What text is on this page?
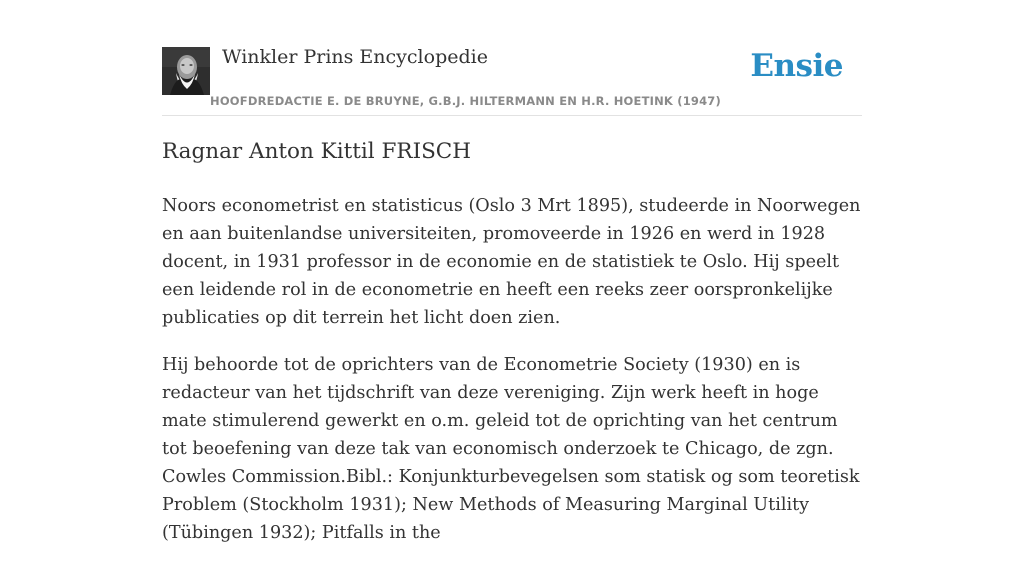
Winkler Prins Encyclopedie
HOOFDREDACTIE E. DE BRUYNE, G.B.J. HILTERMANN EN H.R. HOETINK (1947)
Ensie
Ragnar Anton Kittil FRISCH

Noors econometrist en statisticus (Oslo 3 Mrt 1895), studeerde in Noorwegen en aan buitenlandse universiteiten, promoveerde in 1926 en werd in 1928 docent, in 1931 professor in de economie en de statistiek te Oslo. Hij speelt een leidende rol in de econometrie en heeft een reeks zeer oorspronkelijke publicaties op dit terrein het licht doen zien.

Hij behoorde tot de oprichters van de Econometrie Society (1930) en is redacteur van het tijdschrift van deze vereniging. Zijn werk heeft in hoge mate stimulerend gewerkt en o.m. geleid tot de oprichting van het centrum tot beoefening van deze tak van economisch onderzoek te Chicago, de zgn. Cowles Commission.Bibl.: Konjunkturbevegelsen som statisk og som teoretisk Problem (Stockholm 1931); New Methods of Measuring Marginal Utility (Tübingen 1932); Pitfalls in the
